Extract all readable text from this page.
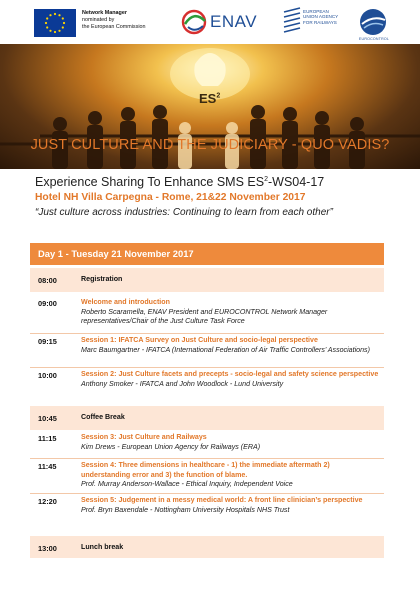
Network Manager
nominated by
the European Commission	ENAV
EUROPEAN UNION AGENCY FOR RAILWAYS
EUROCONTROL
$ES^2$
JUST CULTURE AND THE JUDICIARY - QUO VADIS?
Experience Sharing To Enhance SMS $ES^2-WS04-17$
Hotel NH Villa Carpegna - Rome, 21&22 November 2017
“Just culture across industries: Continuing to learn from each other”
Day 1 - Tuesday 21 November 2017
08:00	Registration
09:00	Welcome and introduction
Roberto Scaramella, ENAV President and EUROCONTROL Network Manager representatives/Chair of the Just Culture Task Force
09:15	Session 1: IFATCA Survey on Just Culture and socio-legal perspective
Marc Baumgartner - IFATCA (International Federation of Air Traffic Controllers’ Associations)
10:00	Session 2: Just Culture facets and precepts - socio-legal and safety science perspective
Anthony Smoker - IFATCA and John Woodlock - Lund University
10:45	Coffee Break
11:15	Session 3: Just Culture and Railways
Kim Drews - European Union Agency for Railways (ERA)
11:45	Session 4: Three dimensions in healthcare - 1) the immediate aftermath 2) understanding error and 3) the function of blame.
Prof. Murray Anderson-Wallace - Ethical Inquiry, Independent Voice
12:20	Session 5: Judgement in a messy medical world: A front line clinician’s perspective
Prof. Bryn Baxendale - Nottingham University Hospitals NHS Trust
13:00	Lunch break
